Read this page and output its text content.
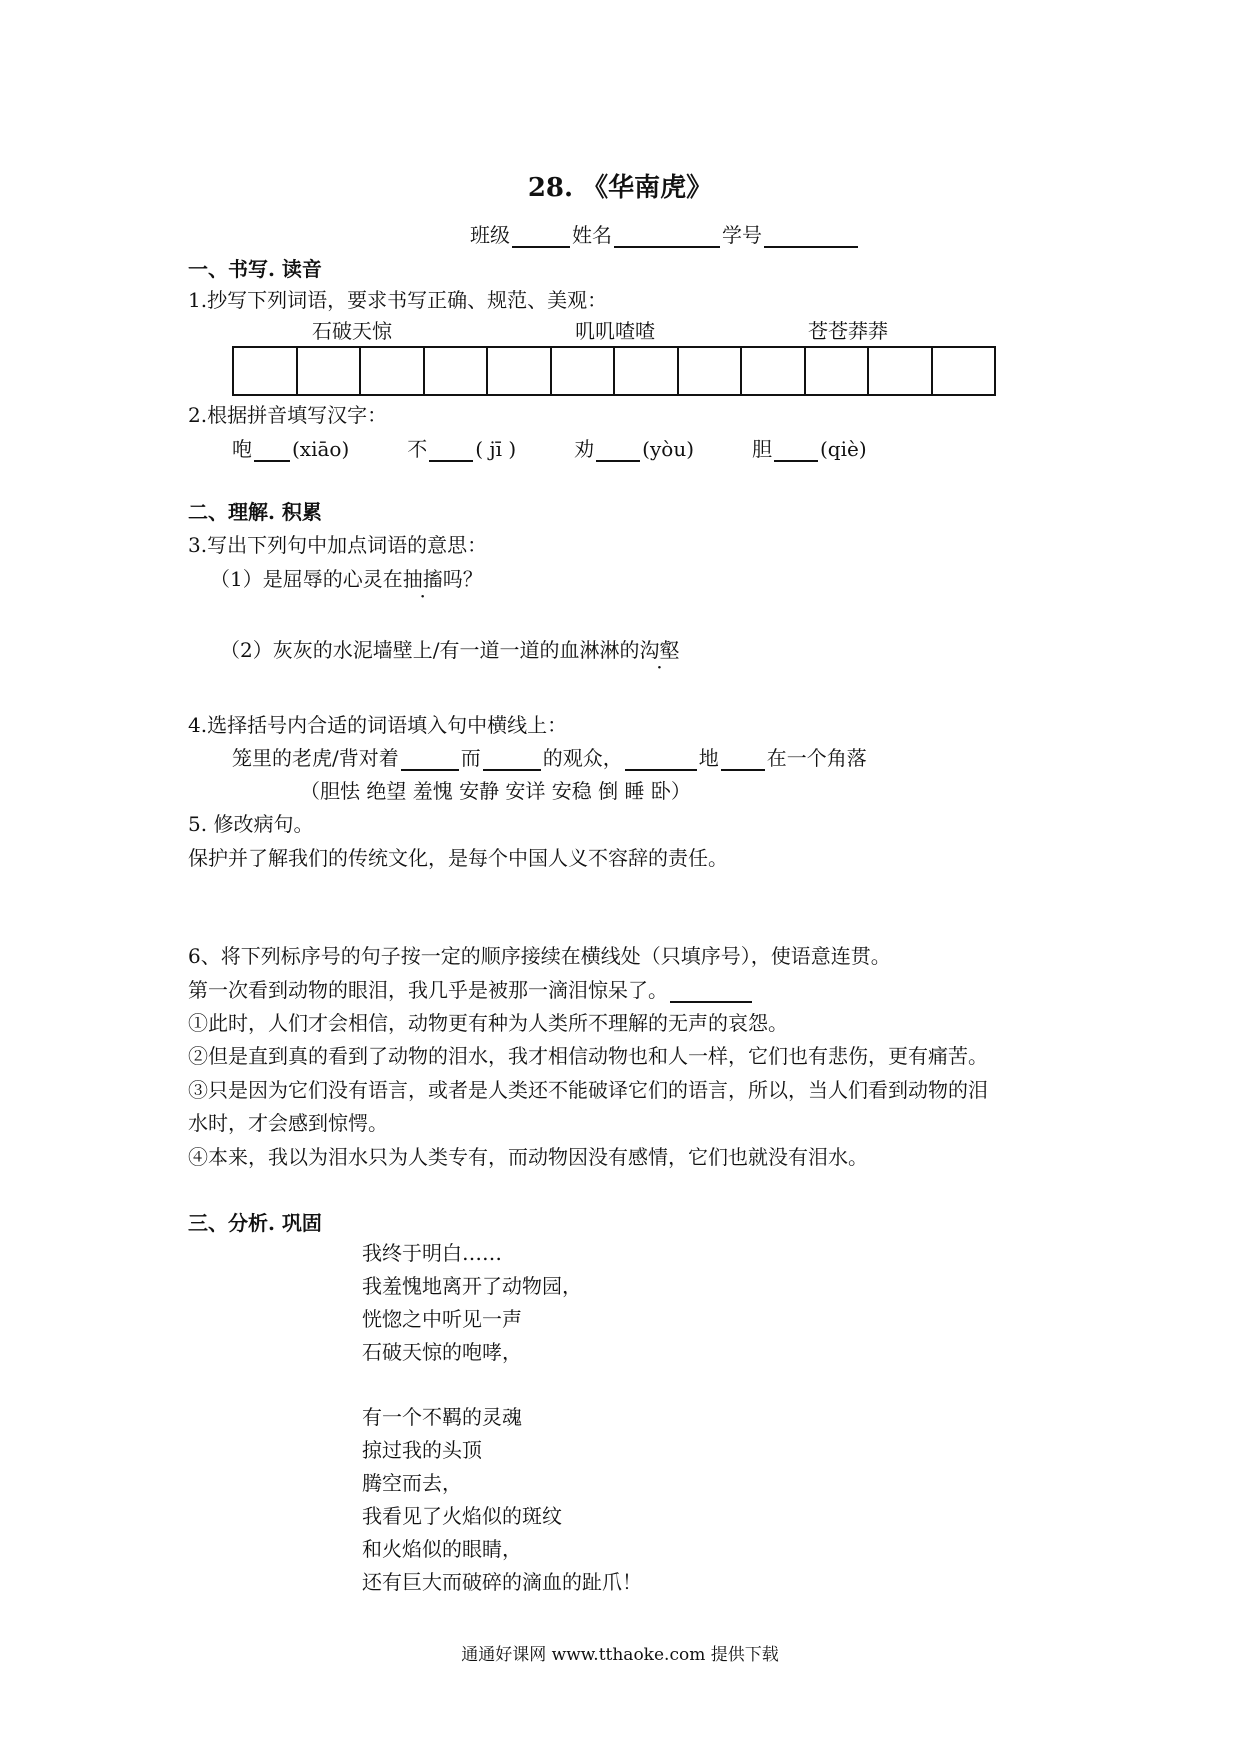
28. 《华南虎》
班级	姓名	学号
一、书写. 读音
1.抄写下列词语，要求书写正确、规范、美观：
石破天惊	叽叽喳喳	苍苍莽莽
2.根据拼音填写汉字：
咆 (xiāo)	不 ( jī )	劝 (yòu)	胆 (qiè)
二、理解. 积累
3.写出下列句中加点词语的意思：
（1）是屈辱的心灵在抽搐吗？
（2）灰灰的水泥墙壁上/有一道一道的血淋淋的沟壑
4.选择括号内合适的词语填入句中横线上：
笼里的老虎/背对着	而	的观众，	地 在一个角落
（胆怯 绝望 羞愧 安静 安详 安稳 倒 睡 卧）
5. 修改病句。
保护并了解我们的传统文化，是每个中国人义不容辞的责任。
6、将下列标序号的句子按一定的顺序接续在横线处（只填序号），使语意连贯。
第一次看到动物的眼泪，我几乎是被那一滴泪惊呆了。
①此时，人们才会相信，动物更有种为人类所不理解的无声的哀怨。
②但是直到真的看到了动物的泪水，我才相信动物也和人一样，它们也有悲伤，更有痛苦。
③只是因为它们没有语言，或者是人类还不能破译它们的语言，所以，当人们看到动物的泪
水时，才会感到惊愕。
④本来，我以为泪水只为人类专有，而动物因没有感情，它们也就没有泪水。
三、分析. 巩固
我终于明白……
我羞愧地离开了动物园，
恍惚之中听见一声
石破天惊的咆哮，
有一个不羁的灵魂
掠过我的头顶
腾空而去，
我看见了火焰似的斑纹
和火焰似的眼睛，
还有巨大而破碎的滴血的趾爪！
通通好课网 www.tthaoke.com 提供下载
